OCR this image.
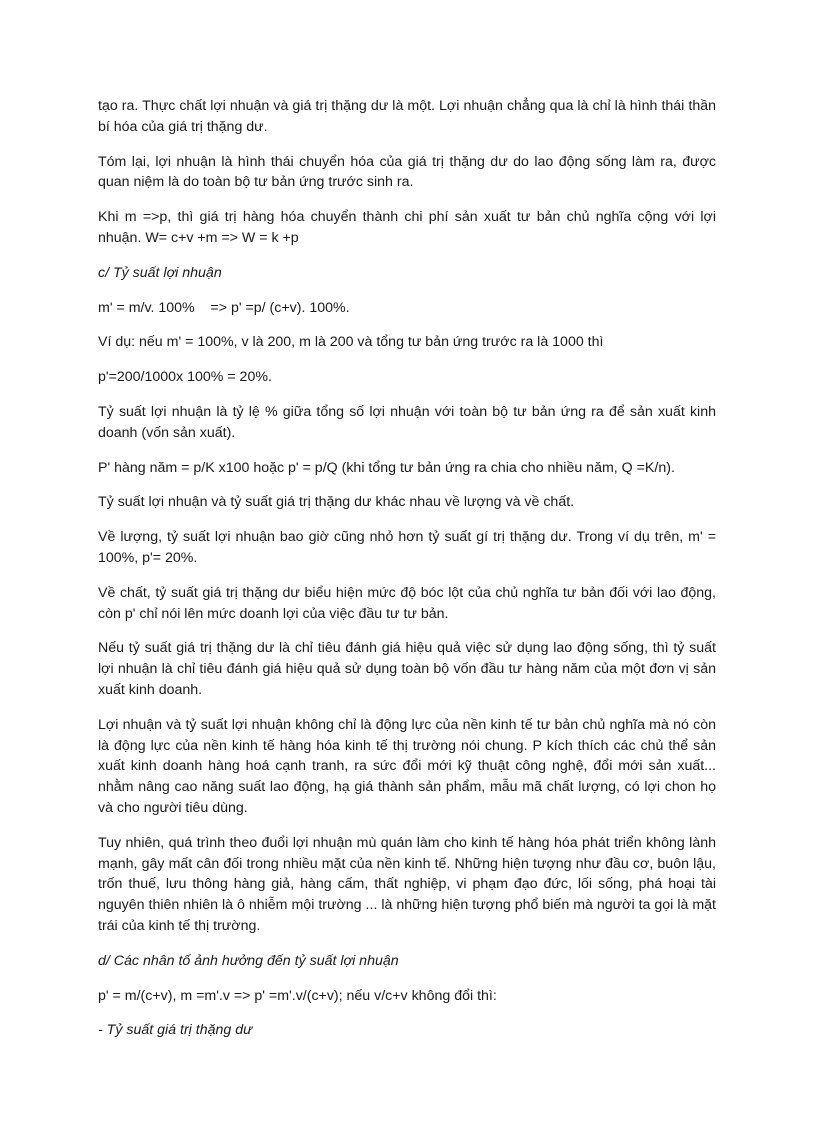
tạo ra. Thực chất lợi nhuận và giá trị thặng dư là một. Lợi nhuận chẳng qua là chỉ là hình thái thần bí hóa của giá trị thặng dư.

Tóm lại, lợi nhuận là hình thái chuyển hóa của giá trị thặng dư do lao động sống làm ra, được quan niệm là do toàn bộ tư bản ứng trước sinh ra.

Khi m =>p, thì giá trị hàng hóa chuyển thành chi phí sản xuất tư bản chủ nghĩa cộng với lợi nhuận. W= c+v +m => W = k +p

c/ Tỷ suất lợi nhuận

m' = m/v. 100%    => p' =p/ (c+v). 100%.

Ví dụ: nếu m' = 100%, v là 200, m là 200 và tổng tư bản ứng trước ra là 1000 thì

p'=200/1000x 100% = 20%.

Tỷ suất lợi nhuận là tỷ lệ % giữa tổng số lợi nhuận với toàn bộ tư bản ứng ra để sản xuất kinh doanh (vốn sản xuất).

P' hàng năm = p/K x100 hoặc p' = p/Q (khi tổng tư bản ứng ra chia cho nhiều năm, Q =K/n).

Tỷ suất lợi nhuận và tỷ suất giá trị thặng dư khác nhau về lượng và về chất.

Về lượng, tỷ suất lợi nhuận bao giờ cũng nhỏ hơn tỷ suất gí trị thặng dư. Trong ví dụ trên, m' = 100%, p'= 20%.

Về chất, tỷ suất giá trị thặng dư biểu hiện mức độ bóc lột của chủ nghĩa tư bản đối với lao động, còn p' chỉ nói lên mức doanh lợi của việc đầu tư tư bản.

Nếu tỷ suất giá trị thặng dư là chỉ tiêu đánh giá hiệu quả việc sử dụng lao động sống, thì tỷ suất lợi nhuận là chỉ tiêu đánh giá hiệu quả sử dụng toàn bộ vốn đầu tư hàng năm của một đơn vị sản xuất kinh doanh.

Lợi nhuận và tỷ suất lợi nhuận không chỉ là động lực của nền kinh tế tư bản chủ nghĩa mà nó còn là động lực của nền kinh tế hàng hóa kinh tế thị trường nói chung. P kích thích các chủ thể sản xuất kinh doanh hàng hoá cạnh tranh, ra sức đổi mới kỹ thuật công nghệ, đổi mới sản xuất... nhằm nâng cao năng suất lao động, hạ giá thành sản phẩm, mẫu mã chất lượng, có lợi chon họ và cho người tiêu dùng.

Tuy nhiên, quá trình theo đuổi lợi nhuận mù quán làm cho kinh tế hàng hóa phát triển không lành mạnh, gây mất cân đối trong nhiều mặt của nền kinh tế. Những hiện tượng như đầu cơ, buôn lậu, trốn thuế, lưu thông hàng giả, hàng cấm, thất nghiệp, vi phạm đạo đức, lối sống, phá hoại tài nguyên thiên nhiên là ô nhiễm mội trường ... là những hiện tượng phổ biến mà người ta gọi là mặt trái của kinh tế thị trường.

d/ Các nhân tố ảnh hưởng đến tỷ suất lợi nhuận

p' = m/(c+v), m =m'.v => p' =m'.v/(c+v); nếu v/c+v không đổi thì:

- Tỷ suất giá trị thặng dư
